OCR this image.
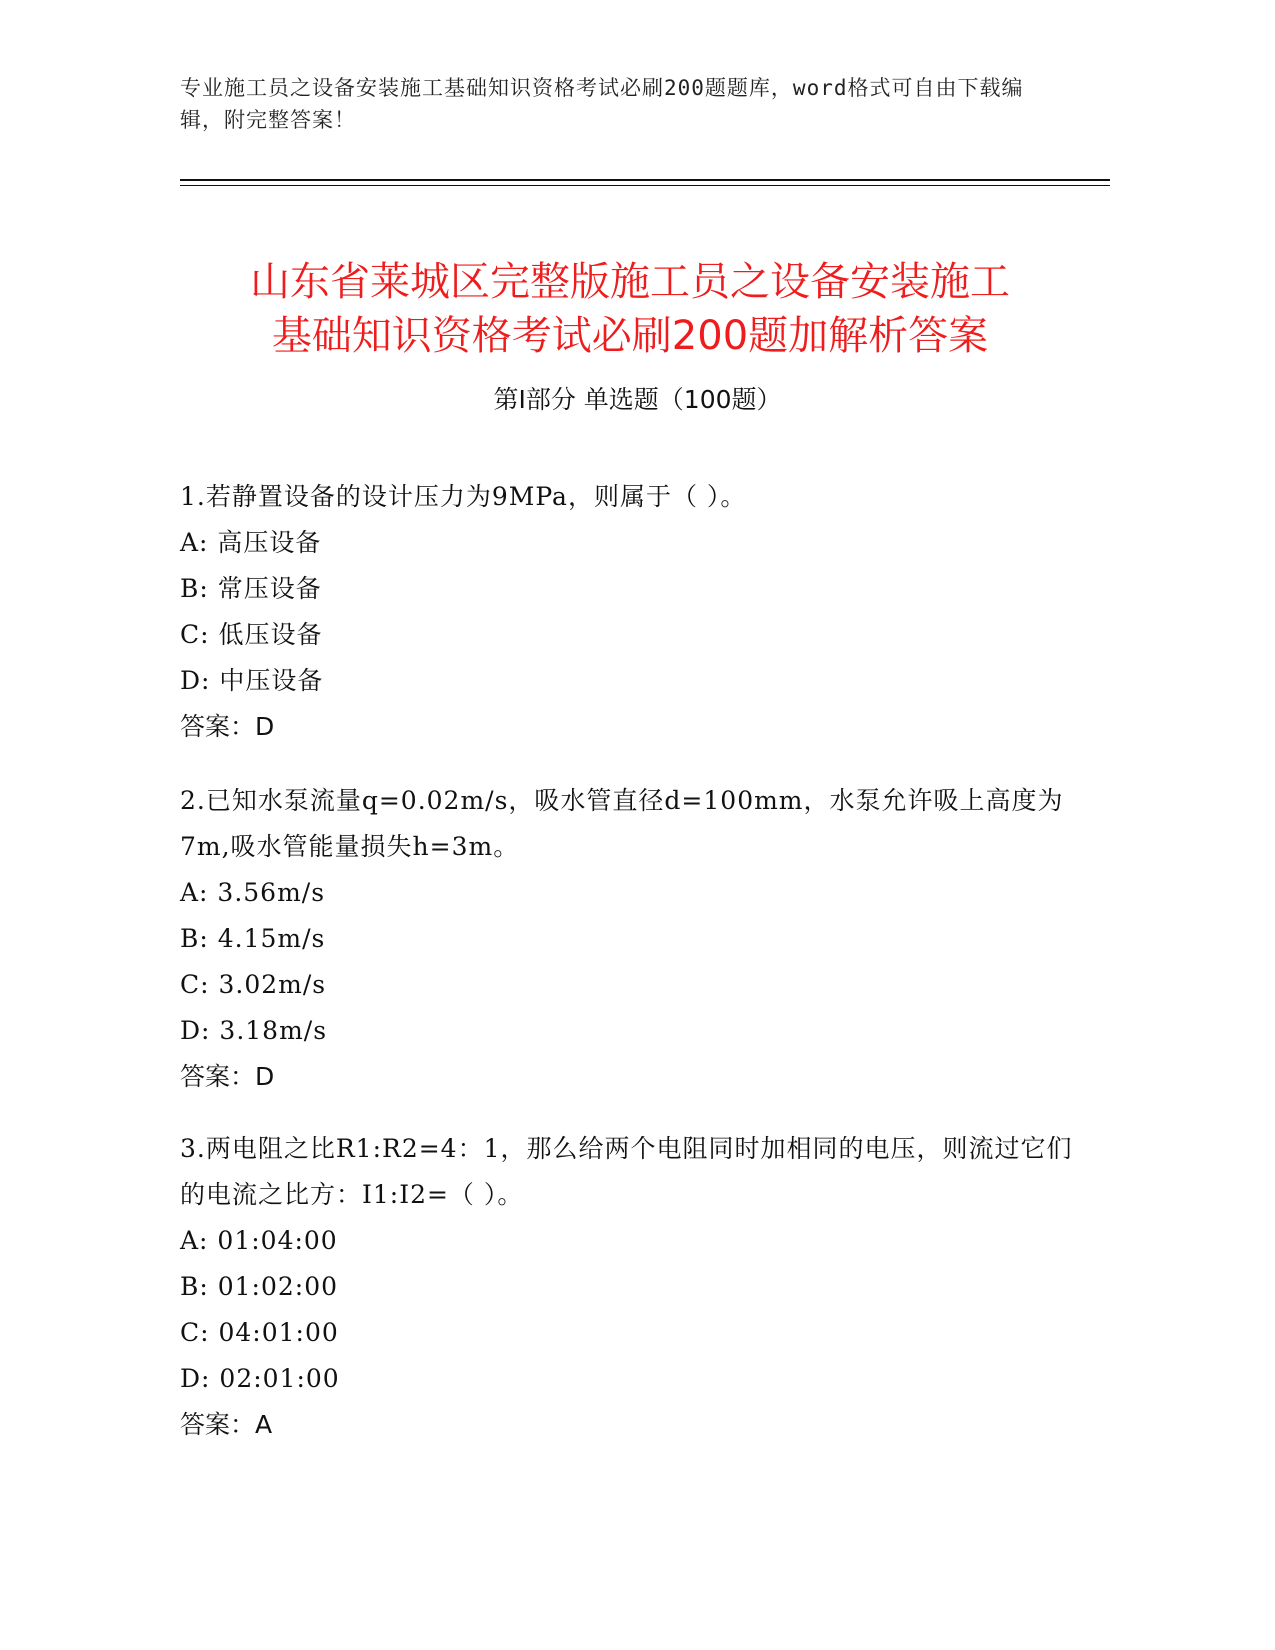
专业施工员之设备安装施工基础知识资格考试必刷200题题库，word格式可自由下载编辑，附完整答案！
山东省莱城区完整版施工员之设备安装施工
基础知识资格考试必刷200题加解析答案
第Ⅰ部分 单选题（100题）
1.若静置设备的设计压力为9MPa，则属于（ ）。
A: 高压设备
B: 常压设备
C: 低压设备
D: 中压设备
答案：D
2.已知水泵流量q=0.02m/s，吸水管直径d=100mm，水泵允许吸上高度为7m,吸水管能量损失h=3m。
A: 3.56m/s
B: 4.15m/s
C: 3.02m/s
D: 3.18m/s
答案：D
3.两电阻之比R1:R2=4：1，那么给两个电阻同时加相同的电压，则流过它们的电流之比方：I1:I2=（ ）。
A: 01:04:00
B: 01:02:00
C: 04:01:00
D: 02:01:00
答案：A
